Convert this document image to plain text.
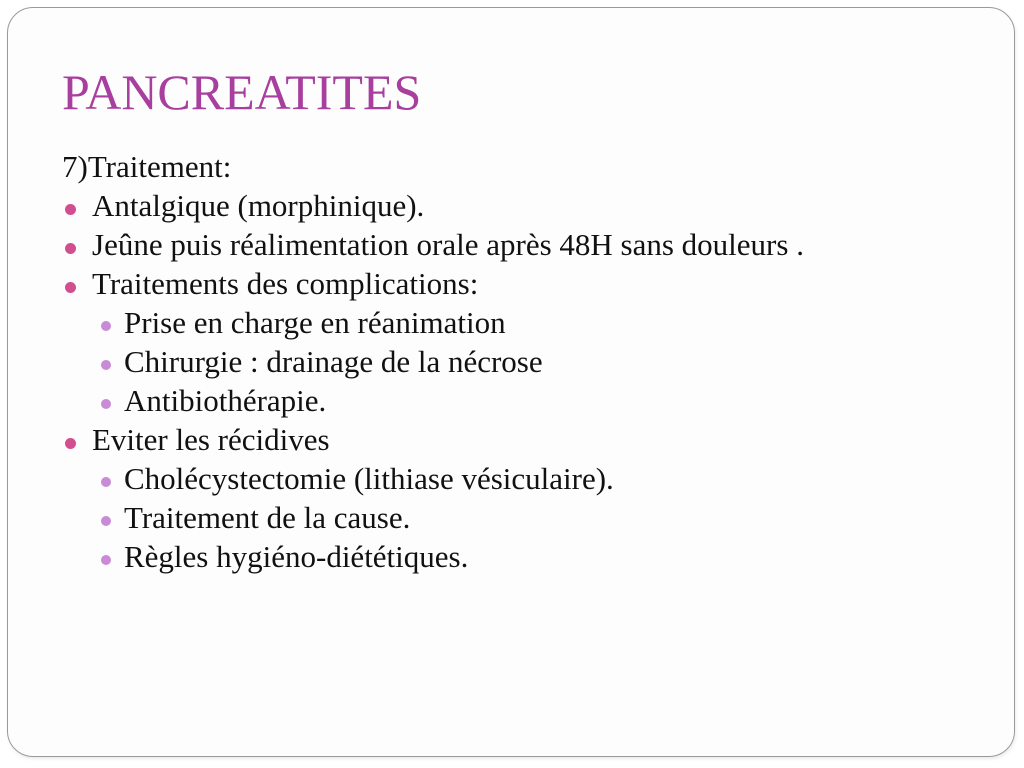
PANCREATITES
7)Traitement:
Antalgique (morphinique).
Jeûne puis réalimentation orale après 48H sans douleurs .
Traitements des complications:
Prise en charge en réanimation
Chirurgie : drainage de la nécrose
Antibiothérapie.
Eviter les récidives
Cholécystectomie (lithiase vésiculaire).
Traitement de la cause.
Règles hygiéno-diététiques.
